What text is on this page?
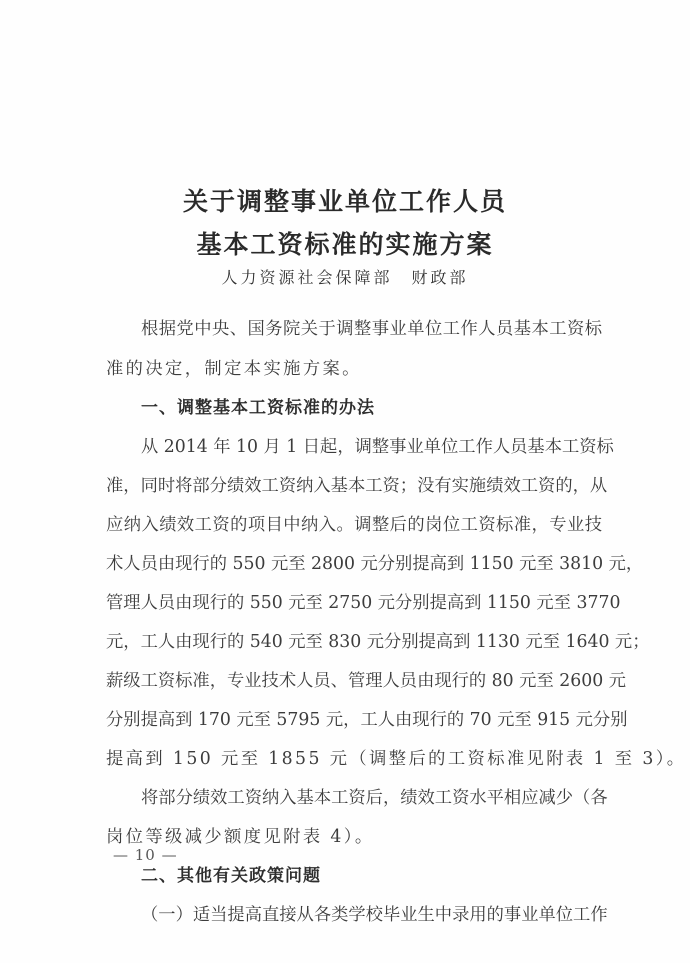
关于调整事业单位工作人员
基本工资标准的实施方案
人力资源社会保障部　财政部
根据党中央、国务院关于调整事业单位工作人员基本工资标
准的决定，制定本实施方案。
一、调整基本工资标准的办法
从 2014 年 10 月 1 日起，调整事业单位工作人员基本工资标
准，同时将部分绩效工资纳入基本工资；没有实施绩效工资的，从
应纳入绩效工资的项目中纳入。调整后的岗位工资标准，专业技
术人员由现行的 550 元至 2800 元分别提高到 1150 元至 3810 元，
管理人员由现行的 550 元至 2750 元分别提高到 1150 元至 3770
元，工人由现行的 540 元至 830 元分别提高到 1130 元至 1640 元；
薪级工资标准，专业技术人员、管理人员由现行的 80 元至 2600 元
分别提高到 170 元至 5795 元，工人由现行的 70 元至 915 元分别
提高到 150 元至 1855 元（调整后的工资标准见附表 1 至 3）。
将部分绩效工资纳入基本工资后，绩效工资水平相应减少（各
岗位等级减少额度见附表 4）。
二、其他有关政策问题
（一）适当提高直接从各类学校毕业生中录用的事业单位工作
— 10 —
